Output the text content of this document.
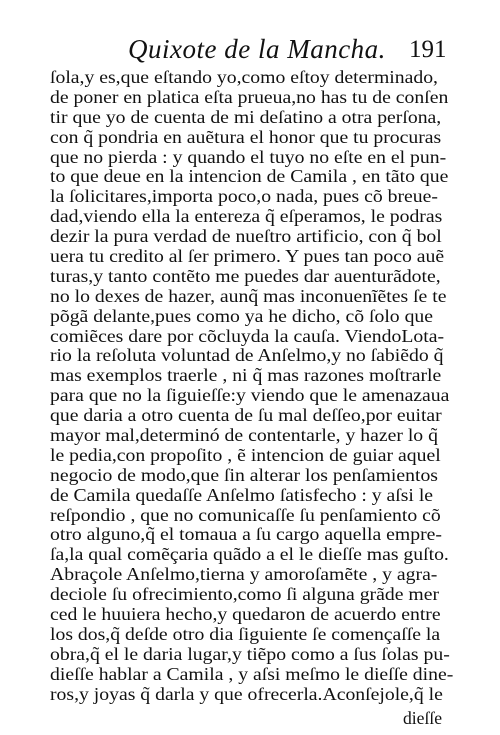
Quixote de la Mancha. 191
ſola,y es,que eſtando yo,como eſtoy determinado,
de poner en platica eſta prueua,no has tu de conſen
tir que yo de cuenta de mi deſatino a otra perſona,
con q̃ pondria en auẽtura el honor que tu procuras
que no pierda : y quando el tuyo no eſte en el pun-
to que deue en la intencion de Camila , en tãto que
la ſolicitares,importa poco,o nada, pues cõ breue-
dad,viendo ella la entereza q̃ eſperamos, le podras
dezir la pura verdad de nueſtro artificio, con q̃ bol
uera tu credito al ſer primero. Y pues tan poco auẽ
turas,y tanto contẽto me puedes dar auenturãdote,
no lo dexes de hazer, aunq̃ mas inconuenĩẽtes ſe te
põgã delante,pues como ya he dicho, cõ ſolo que
comiẽces dare por cõcluyda la cauſa. ViendoLota-
rio la reſoluta voluntad de Anſelmo,y no ſabiẽdo q̃
mas exemplos traerle , ni q̃ mas razones moſtrarle
para que no la ſiguieſſe:y viendo que le amenazaua
que daria a otro cuenta de ſu mal deſſeo,por euitar
mayor mal,determinó de contentarle, y hazer lo q̃
le pedia,con propoſito , ẽ intencion de guiar aquel
negocio de modo,que ſin alterar los penſamientos
de Camila quedaſſe Anſelmo ſatisfecho : y aſsi le
reſpondio , que no comunicaſſe ſu penſamiento cõ
otro alguno,q̃ el tomaua a ſu cargo aquella empre-
ſa,la qual comẽçaria quãdo a el le dieſſe mas guſto.
Abraçole Anſelmo,tierna y amoroſamẽte , y agra-
deciole ſu ofrecimiento,como ſi alguna grãde mer
ced le huuiera hecho,y quedaron de acuerdo entre
los dos,q̃ deſde otro dia ſiguiente ſe començaſſe la
obra,q̃ el le daria lugar,y tiẽpo como a ſus ſolas pu-
dieſſe hablar a Camila , y aſsi meſmo le dieſſe dine-
ros,y joyas q̃ darla y que ofrecerla.Aconſejole,q̃ le
dieſſe
